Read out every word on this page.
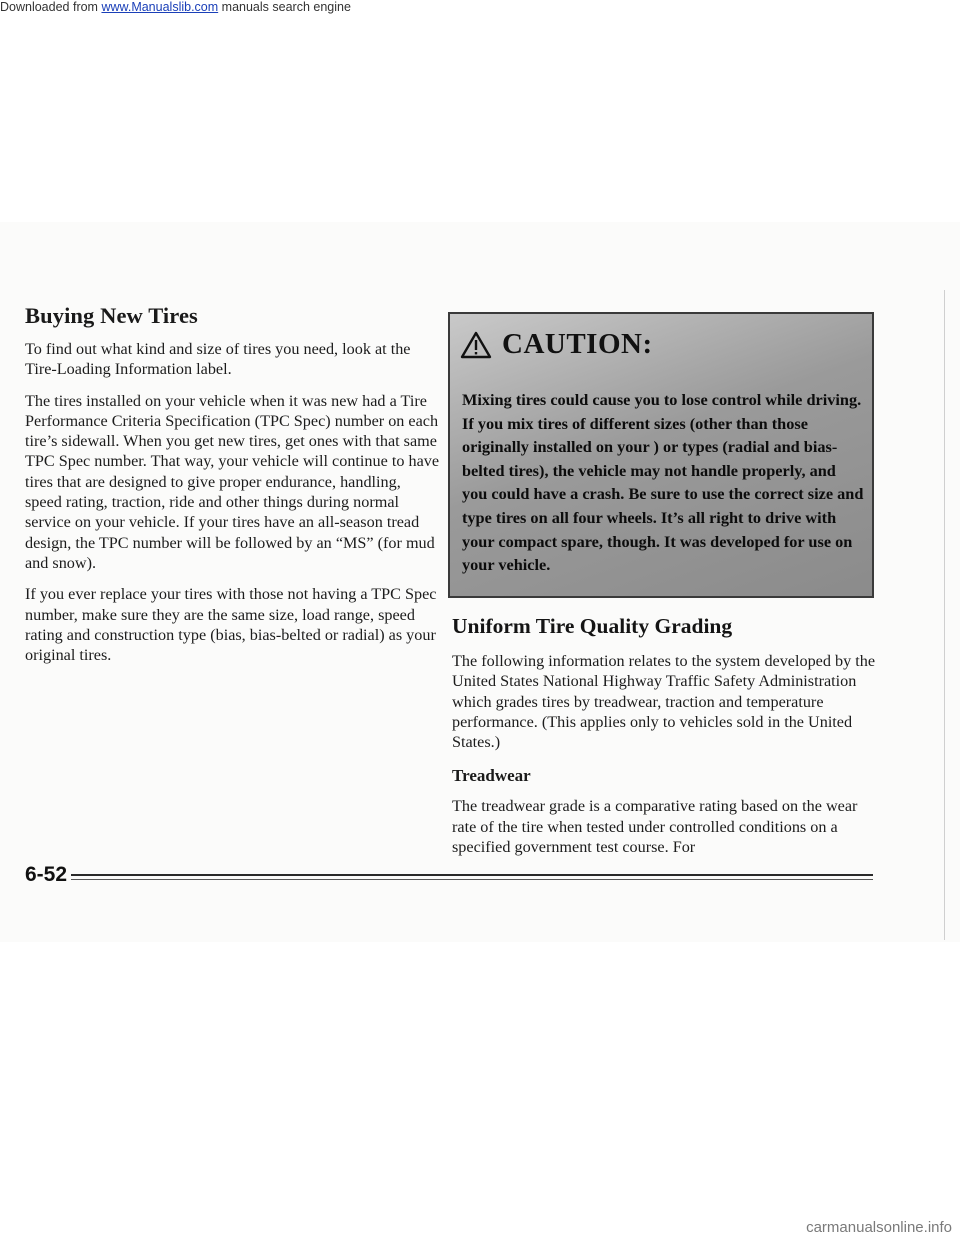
Downloaded from www.Manualslib.com manuals search engine
Buying New Tires

To find out what kind and size of tires you need, look at the Tire-Loading Information label.

The tires installed on your vehicle when it was new had a Tire Performance Criteria Specification (TPC Spec) number on each tire’s sidewall. When you get new tires, get ones with that same TPC Spec number. That way, your vehicle will continue to have tires that are designed to give proper endurance, handling, speed rating, traction, ride and other things during normal service on your vehicle. If your tires have an all-season tread design, the TPC number will be followed by an “MS” (for mud and snow).

If you ever replace your tires with those not having a TPC Spec number, make sure they are the same size, load range, speed rating and construction type (bias, bias-belted or radial) as your original tires.

CAUTION:
Mixing tires could cause you to lose control while driving. If you mix tires of different sizes (other than those originally installed on your ) or types (radial and bias-belted tires), the vehicle may not handle properly, and you could have a crash. Be sure to use the correct size and type tires on all four wheels. It’s all right to drive with your compact spare, though. It was developed for use on your vehicle.
Uniform Tire Quality Grading

The following information relates to the system developed by the United States National Highway Traffic Safety Administration which grades tires by treadwear, traction and temperature performance. (This applies only to vehicles sold in the United States.)

Treadwear

The treadwear grade is a comparative rating based on the wear rate of the tire when tested under controlled conditions on a specified government test course. For

6-52
carmanualsonline.info
